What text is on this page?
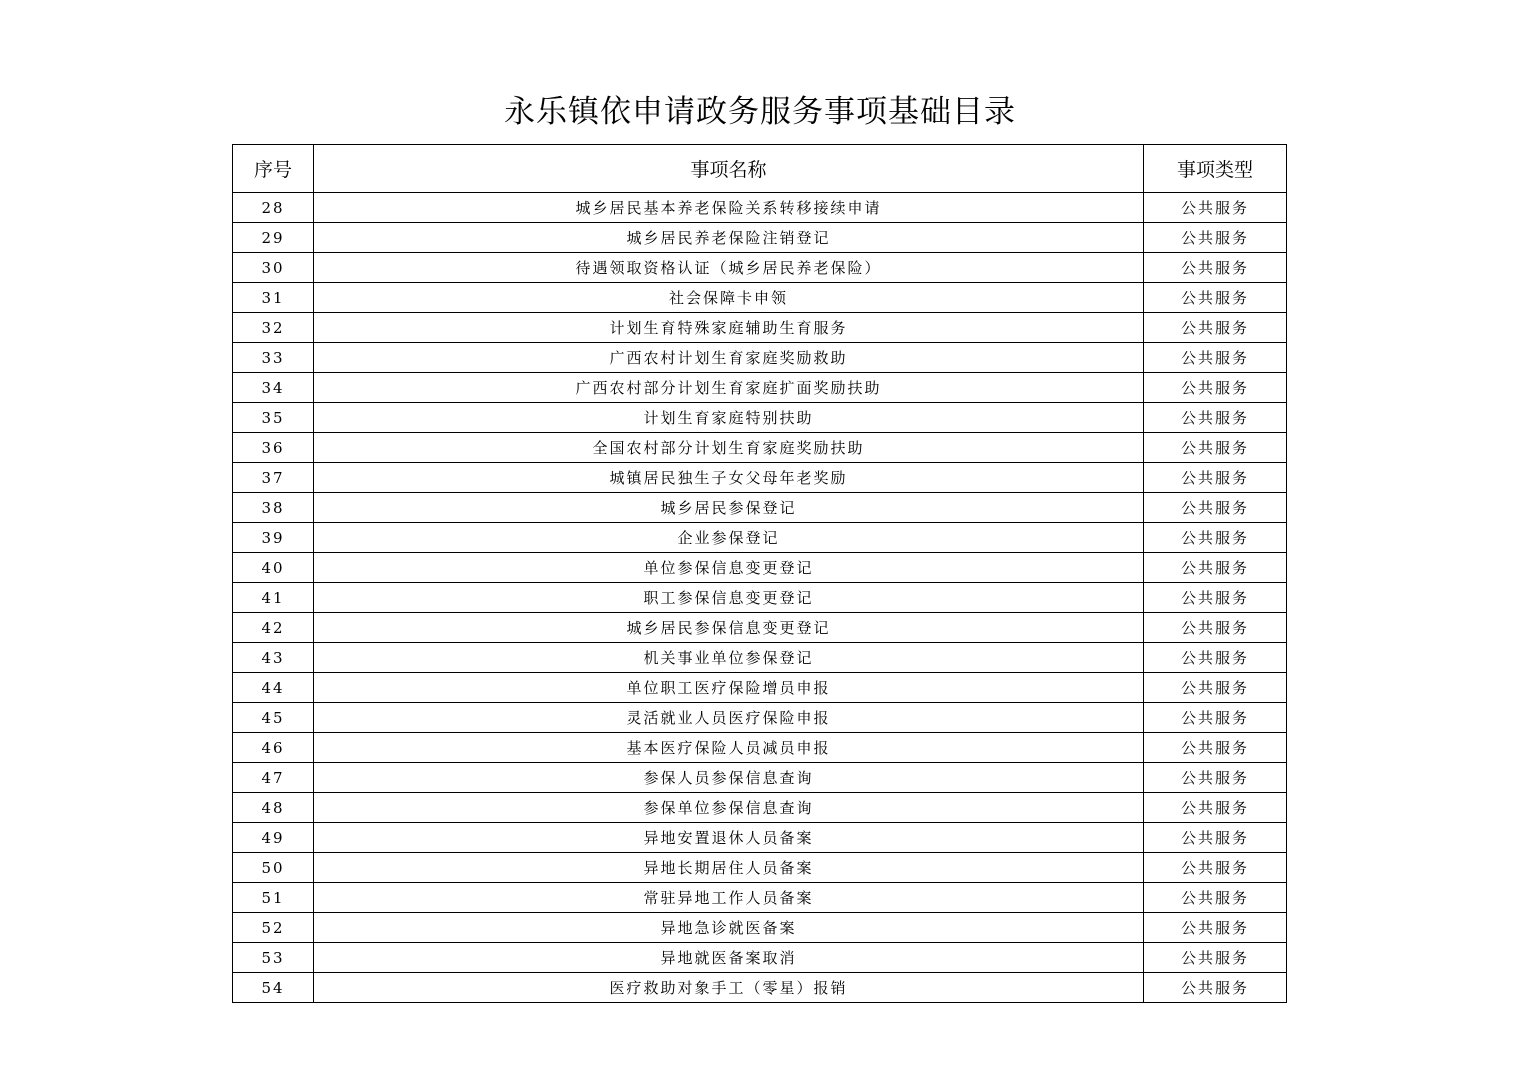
永乐镇依申请政务服务事项基础目录
序号	事项名称	事项类型
28	城乡居民基本养老保险关系转移接续申请	公共服务
29	城乡居民养老保险注销登记	公共服务
30	待遇领取资格认证（城乡居民养老保险）	公共服务
31	社会保障卡申领	公共服务
32	计划生育特殊家庭辅助生育服务	公共服务
33	广西农村计划生育家庭奖励救助	公共服务
34	广西农村部分计划生育家庭扩面奖励扶助	公共服务
35	计划生育家庭特别扶助	公共服务
36	全国农村部分计划生育家庭奖励扶助	公共服务
37	城镇居民独生子女父母年老奖励	公共服务
38	城乡居民参保登记	公共服务
39	企业参保登记	公共服务
40	单位参保信息变更登记	公共服务
41	职工参保信息变更登记	公共服务
42	城乡居民参保信息变更登记	公共服务
43	机关事业单位参保登记	公共服务
44	单位职工医疗保险增员申报	公共服务
45	灵活就业人员医疗保险申报	公共服务
46	基本医疗保险人员减员申报	公共服务
47	参保人员参保信息查询	公共服务
48	参保单位参保信息查询	公共服务
49	异地安置退休人员备案	公共服务
50	异地长期居住人员备案	公共服务
51	常驻异地工作人员备案	公共服务
52	异地急诊就医备案	公共服务
53	异地就医备案取消	公共服务
54	医疗救助对象手工（零星）报销	公共服务
